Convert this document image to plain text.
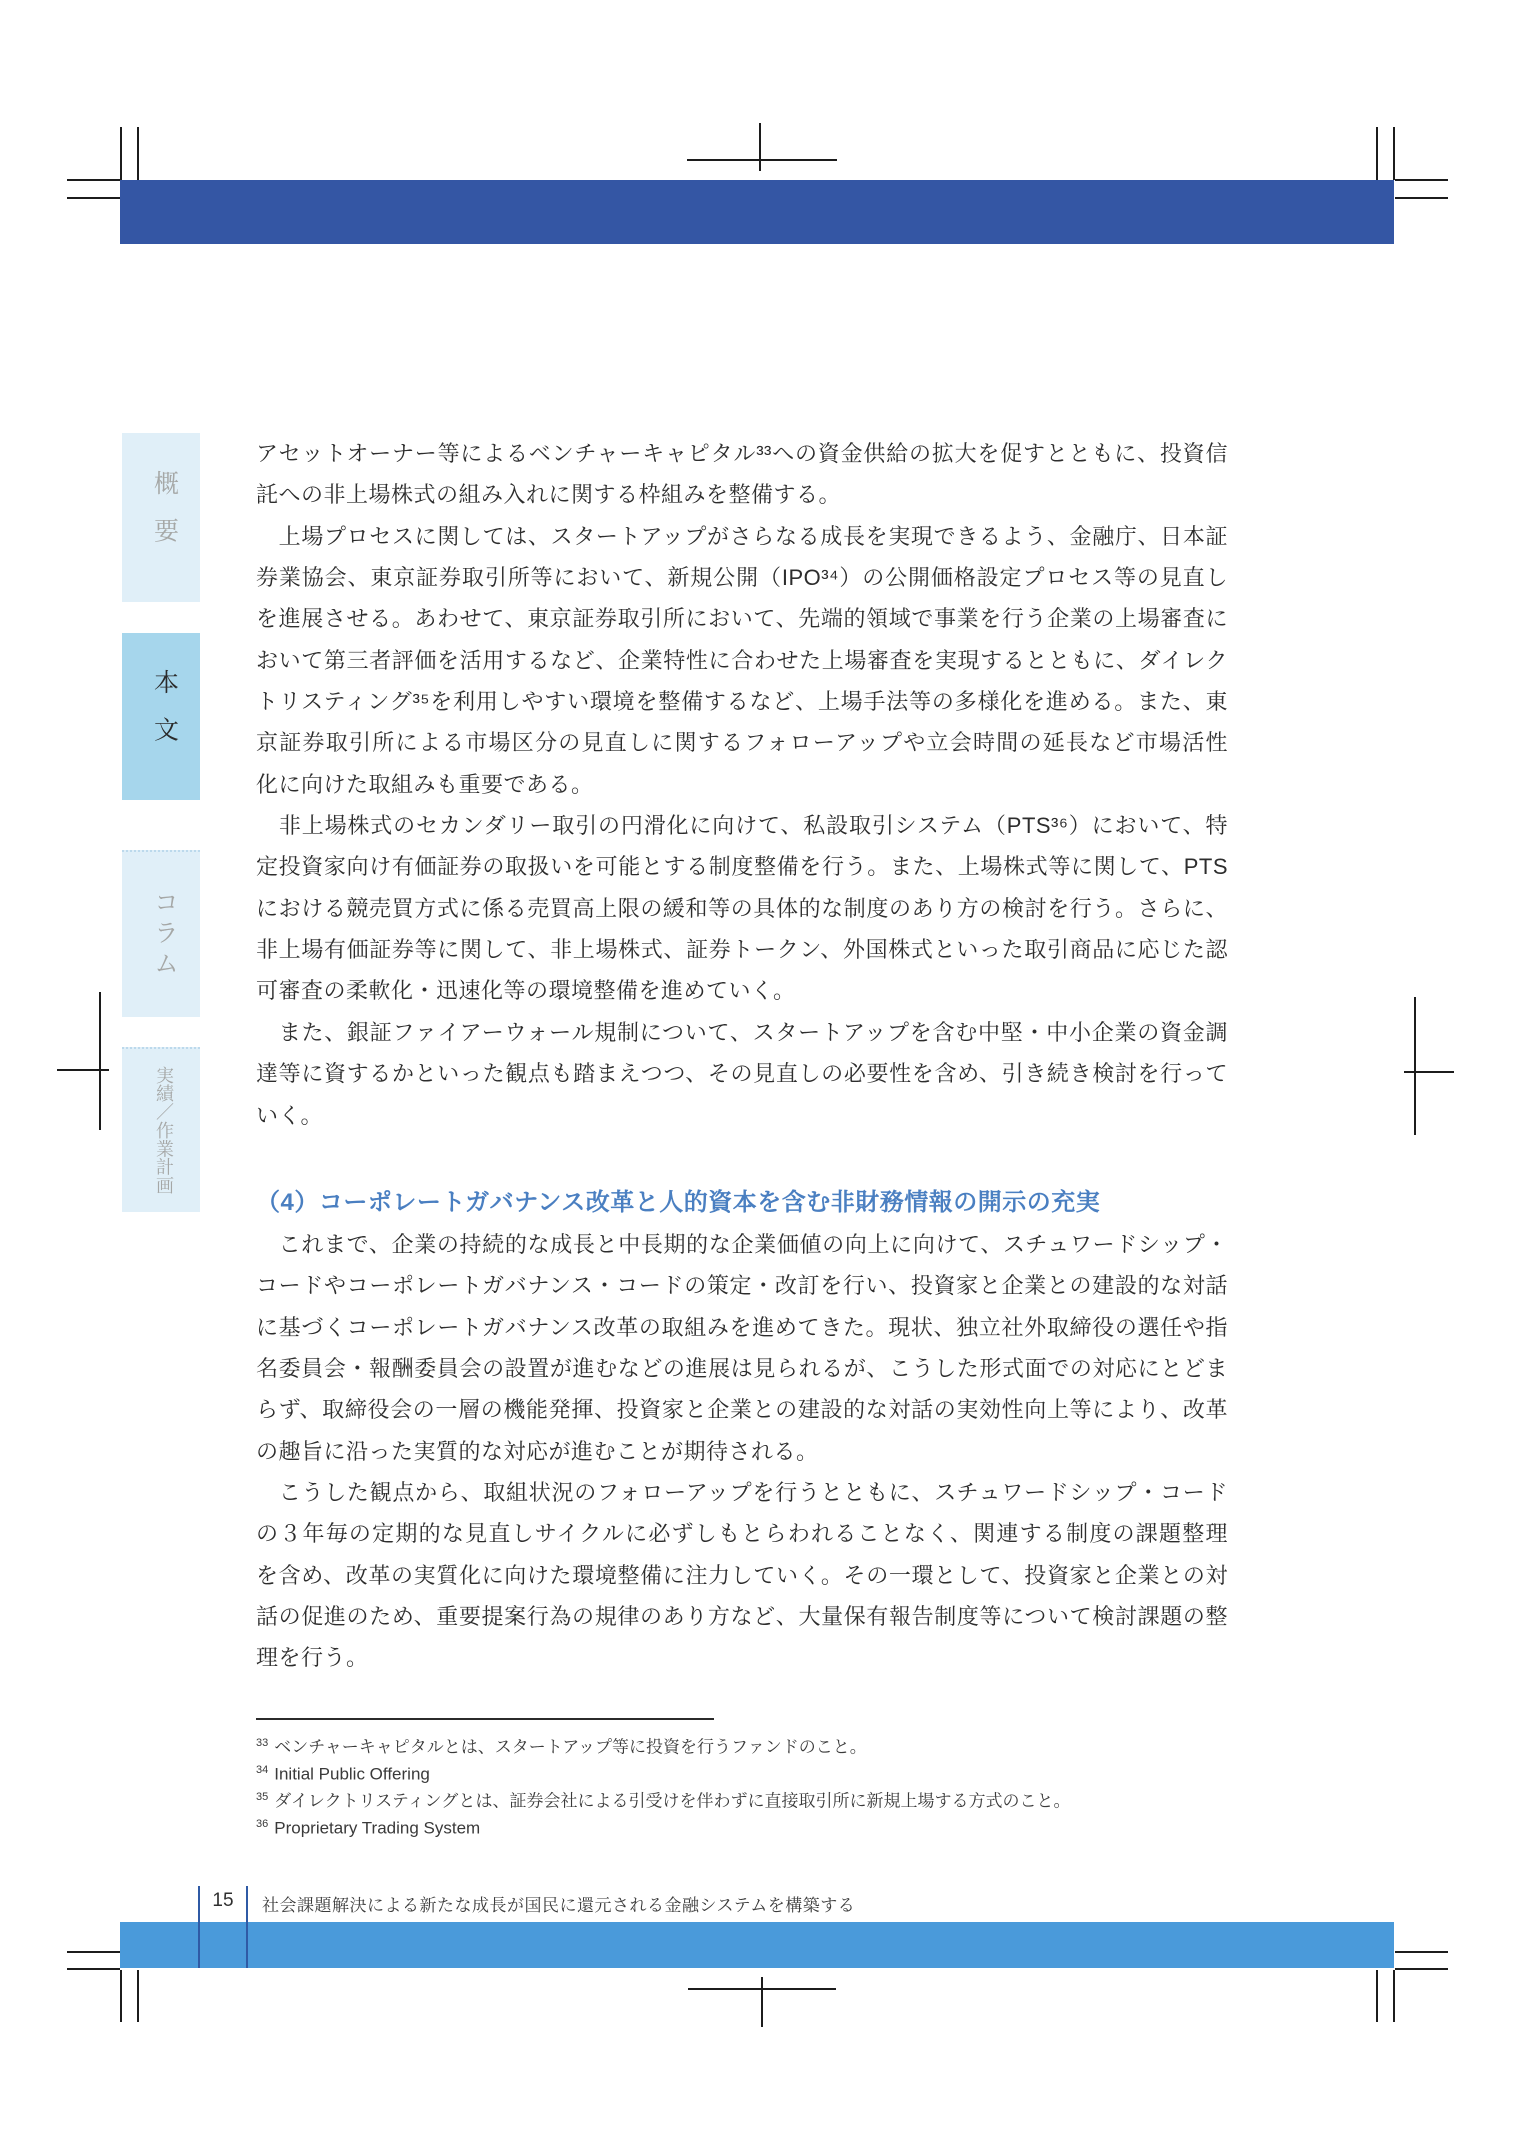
概要
本文
コラム
実績／作業計画
アセットオーナー等によるベンチャーキャピタル³³への資金供給の拡大を促すとともに、投資信
託への非上場株式の組み入れに関する枠組みを整備する。
　上場プロセスに関しては、スタートアップがさらなる成長を実現できるよう、金融庁、日本証
券業協会、東京証券取引所等において、新規公開（IPO³⁴）の公開価格設定プロセス等の見直し
を進展させる。あわせて、東京証券取引所において、先端的領域で事業を行う企業の上場審査に
おいて第三者評価を活用するなど、企業特性に合わせた上場審査を実現するとともに、ダイレク
トリスティング³⁵を利用しやすい環境を整備するなど、上場手法等の多様化を進める。また、東
京証券取引所による市場区分の見直しに関するフォローアップや立会時間の延長など市場活性
化に向けた取組みも重要である。
　非上場株式のセカンダリー取引の円滑化に向けて、私設取引システム（PTS³⁶）において、特
定投資家向け有価証券の取扱いを可能とする制度整備を行う。また、上場株式等に関して、PTS
における競売買方式に係る売買高上限の緩和等の具体的な制度のあり方の検討を行う。さらに、
非上場有価証券等に関して、非上場株式、証券トークン、外国株式といった取引商品に応じた認
可審査の柔軟化・迅速化等の環境整備を進めていく。
　また、銀証ファイアーウォール規制について、スタートアップを含む中堅・中小企業の資金調
達等に資するかといった観点も踏まえつつ、その見直しの必要性を含め、引き続き検討を行って
いく。
（4）コーポレートガバナンス改革と人的資本を含む非財務情報の開示の充実
　これまで、企業の持続的な成長と中長期的な企業価値の向上に向けて、スチュワードシップ・
コードやコーポレートガバナンス・コードの策定・改訂を行い、投資家と企業との建設的な対話
に基づくコーポレートガバナンス改革の取組みを進めてきた。現状、独立社外取締役の選任や指
名委員会・報酬委員会の設置が進むなどの進展は見られるが、こうした形式面での対応にとどま
らず、取締役会の一層の機能発揮、投資家と企業との建設的な対話の実効性向上等により、改革
の趣旨に沿った実質的な対応が進むことが期待される。
　こうした観点から、取組状況のフォローアップを行うとともに、スチュワードシップ・コード
の３年毎の定期的な見直しサイクルに必ずしもとらわれることなく、関連する制度の課題整理
を含め、改革の実質化に向けた環境整備に注力していく。その一環として、投資家と企業との対
話の促進のため、重要提案行為の規律のあり方など、大量保有報告制度等について検討課題の整
理を行う。
$^{33}$ ベンチャーキャピタルとは、スタートアップ等に投資を行うファンドのこと。
$^{34}$ Initial Public Offering
$^{35}$ ダイレクトリスティングとは、証券会社による引受けを伴わずに直接取引所に新規上場する方式のこと。
$^{36}$ Proprietary Trading System
15	社会課題解決による新たな成長が国民に還元される金融システムを構築する
